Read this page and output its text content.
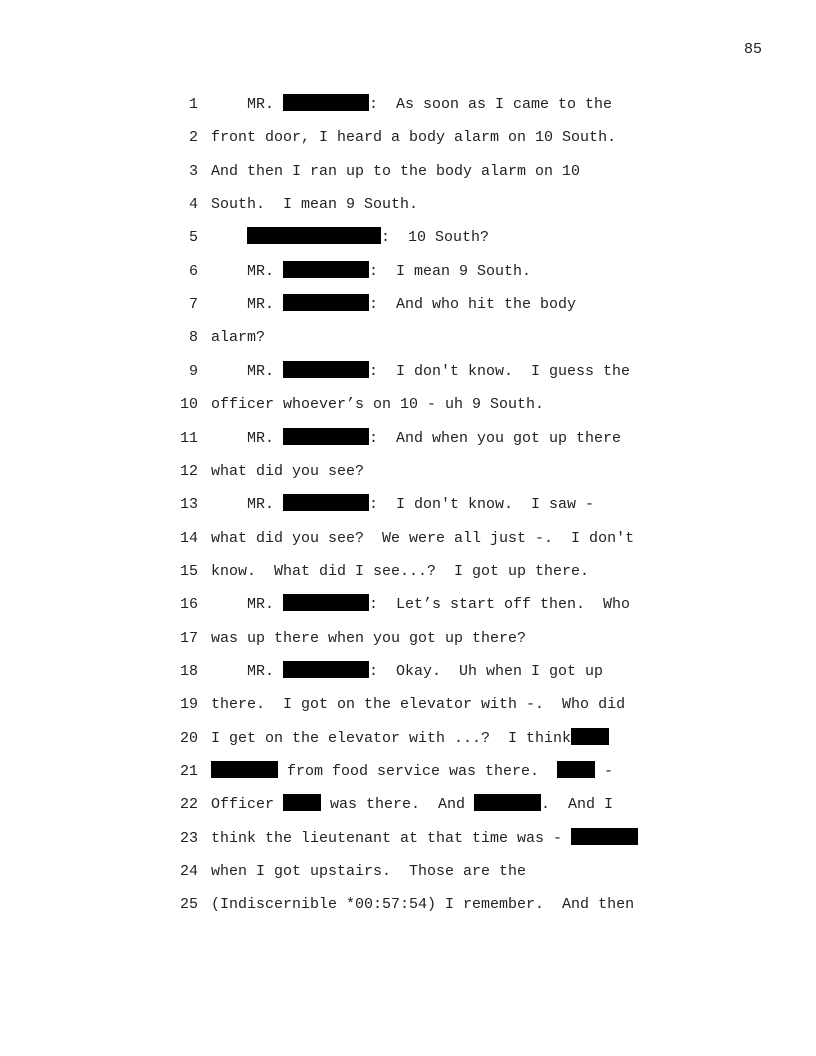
85
1 MR.	:  As soon as I came to the
2 front door, I heard a body alarm on 10 South.
3 And then I ran up to the body alarm on 10
4 South.  I mean 9 South.
5	:  10 South?
6 MR.	:  I mean 9 South.
7 MR.	:  And who hit the body
8 alarm?
9 MR.	:  I don't know.  I guess the
10 officer whoever’s on 10 - uh 9 South.
11 MR.	:  And when you got up there
12 what did you see?
13 MR.	:  I don't know.  I saw -
14 what did you see?  We were all just -.  I don't
15 know.  What did I see...?  I got up there.
16 MR.	:  Let’s start off then.  Who
17 was up there when you got up there?
18 MR.	:  Okay.  Uh when I got up
19 there.  I got on the elevator with -.  Who did
20 I get on the elevator with ...?  I think
21	from food service was there.	-
22 Officer	was there.  And	.  And I
23 think the lieutenant at that time was -
24 when I got upstairs.  Those are the
25 (Indiscernible *00:57:54) I remember.  And then
